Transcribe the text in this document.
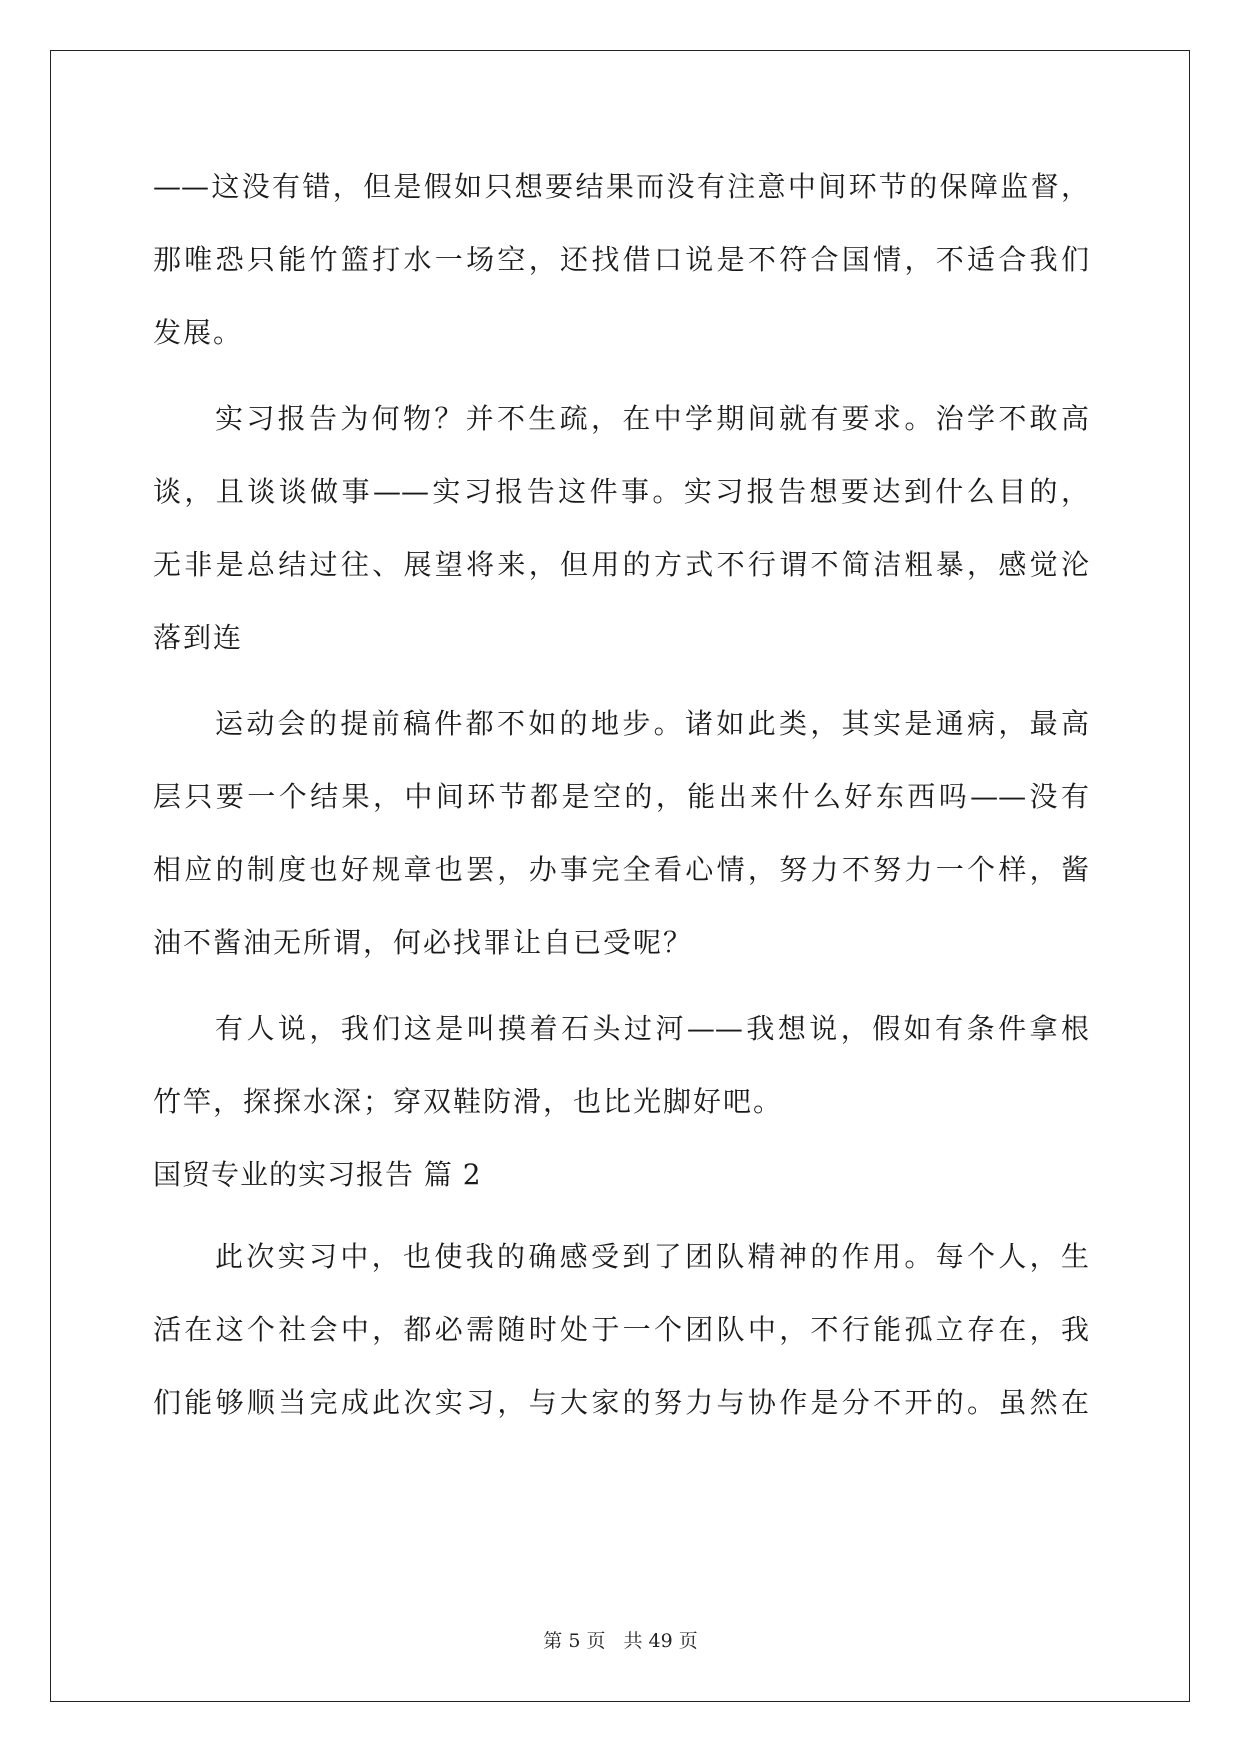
——这没有错，但是假如只想要结果而没有注意中间环节的保障监督，
那唯恐只能竹篮打水一场空，还找借口说是不符合国情，不适合我们
发展。
实习报告为何物？并不生疏，在中学期间就有要求。治学不敢高
谈，且谈谈做事——实习报告这件事。实习报告想要达到什么目的，
无非是总结过往、展望将来，但用的方式不行谓不简洁粗暴，感觉沦
落到连
运动会的提前稿件都不如的地步。诸如此类，其实是通病，最高
层只要一个结果，中间环节都是空的，能出来什么好东西吗——没有
相应的制度也好规章也罢，办事完全看心情，努力不努力一个样，酱
油不酱油无所谓，何必找罪让自已受呢？
有人说，我们这是叫摸着石头过河——我想说，假如有条件拿根
竹竿，探探水深；穿双鞋防滑，也比光脚好吧。
国贸专业的实习报告 篇 2
此次实习中，也使我的确感受到了团队精神的作用。每个人，生
活在这个社会中，都必需随时处于一个团队中，不行能孤立存在，我
们能够顺当完成此次实习，与大家的努力与协作是分不开的。虽然在
第 5 页 共 49 页
